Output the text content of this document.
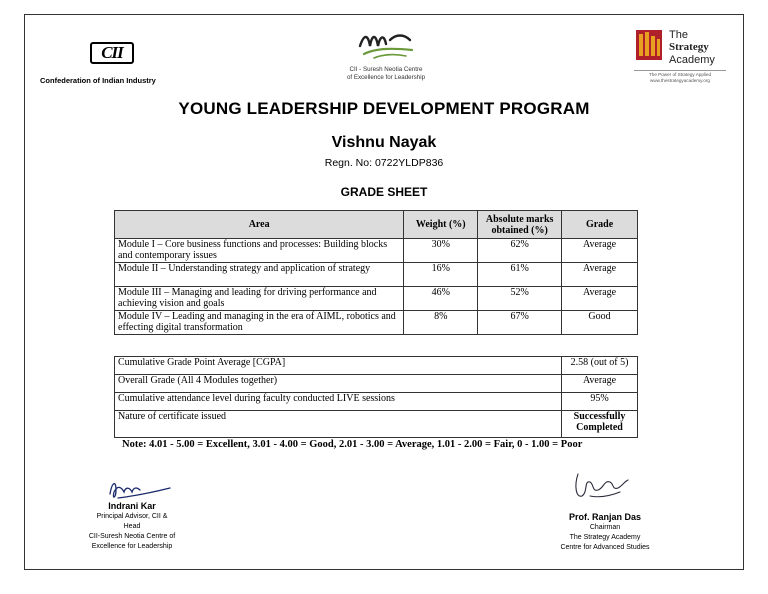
CII
Confederation of Indian Industry
CII - Suresh Neotia Centre
of Excellence for Leadership
The
Strategy
Academy
The Power of Strategy Applied
www.thestrategyacademy.org
YOUNG LEADERSHIP DEVELOPMENT PROGRAM
Vishnu Nayak
Regn. No: 0722YLDP836
GRADE SHEET
Area	Weight (%)	Absolute marks obtained (%)	Grade
Module I – Core business functions and processes: Building blocks and contemporary issues	30%	62%	Average
Module II – Understanding strategy and application of strategy	16%	61%	Average
Module III – Managing and leading for driving performance and achieving vision and goals	46%	52%	Average
Module IV – Leading and managing in the era of AIML, robotics and effecting digital transformation	8%	67%	Good
Cumulative Grade Point Average [CGPA]	2.58 (out of 5)
Overall Grade (All 4 Modules together)	Average
Cumulative attendance level during faculty conducted LIVE sessions	95%
Nature of certificate issued	Successfully Completed
Note: 4.01 - 5.00 = Excellent, 3.01 - 4.00 = Good, 2.01 - 3.00 = Average, 1.01 - 2.00 = Fair, 0 - 1.00 = Poor
Indrani Kar
Principal Advisor, CII &
Head
CII-Suresh Neotia Centre of
Excellence for Leadership
Prof. Ranjan Das
Chairman
The Strategy Academy
Centre for Advanced Studies
